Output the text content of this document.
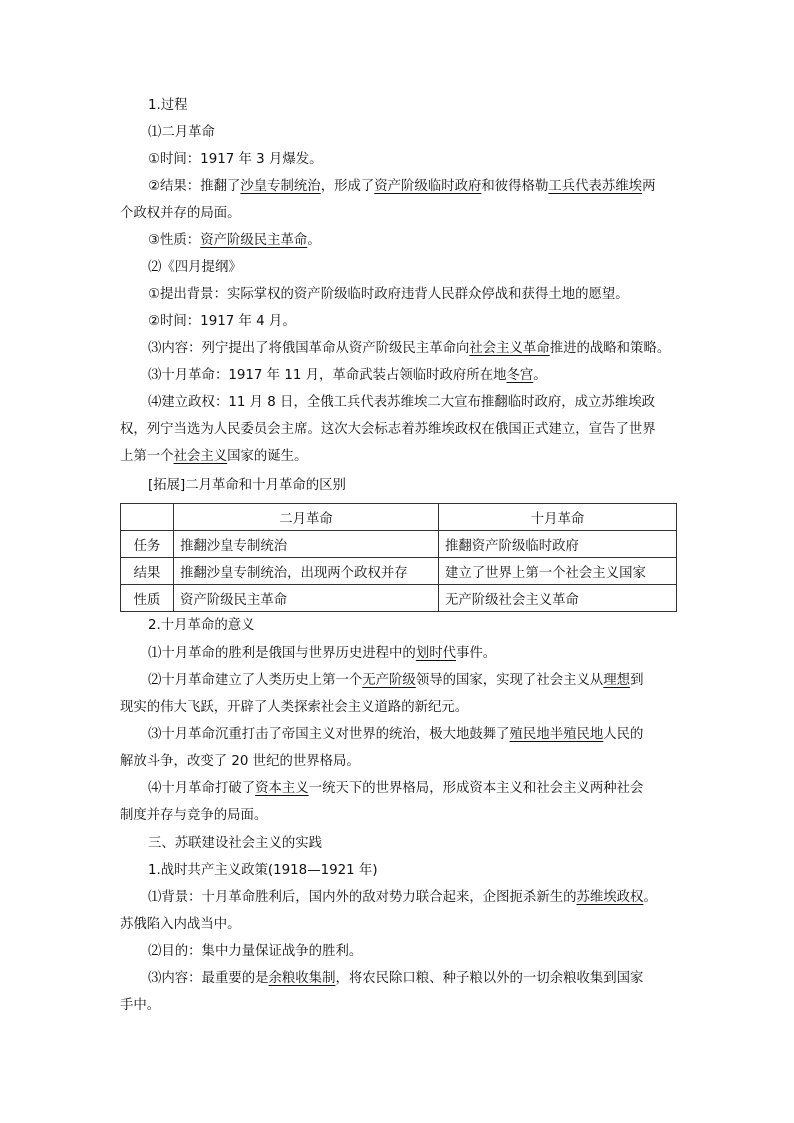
1.过程
⑴二月革命
①时间：1917 年 3 月爆发。
②结果：推翻了沙皇专制统治，形成了资产阶级临时政府和彼得格勒工兵代表苏维埃两
个政权并存的局面。
③性质：资产阶级民主革命。
⑵《四月提纲》
①提出背景：实际掌权的资产阶级临时政府违背人民群众停战和获得土地的愿望。
②时间：1917 年 4 月。
⑶内容：列宁提出了将俄国革命从资产阶级民主革命向社会主义革命推进的战略和策略。
⑶十月革命：1917 年 11 月，革命武装占领临时政府所在地冬宫。
⑷建立政权：11 月 8 日，全俄工兵代表苏维埃二大宣布推翻临时政府，成立苏维埃政
权，列宁当选为人民委员会主席。这次大会标志着苏维埃政权在俄国正式建立，宣告了世界
上第一个社会主义国家的诞生。
[拓展]二月革命和十月革命的区别
	二月革命	十月革命
任务	推翻沙皇专制统治	推翻资产阶级临时政府
结果	推翻沙皇专制统治，出现两个政权并存	建立了世界上第一个社会主义国家
性质	资产阶级民主革命	无产阶级社会主义革命
2.十月革命的意义
⑴十月革命的胜利是俄国与世界历史进程中的划时代事件。
⑵十月革命建立了人类历史上第一个无产阶级领导的国家，实现了社会主义从理想到
现实的伟大飞跃，开辟了人类探索社会主义道路的新纪元。
⑶十月革命沉重打击了帝国主义对世界的统治，极大地鼓舞了殖民地半殖民地人民的
解放斗争，改变了 20 世纪的世界格局。
⑷十月革命打破了资本主义一统天下的世界格局，形成资本主义和社会主义两种社会
制度并存与竞争的局面。
三、苏联建设社会主义的实践
1.战时共产主义政策(1918—1921 年)
⑴背景：十月革命胜利后，国内外的敌对势力联合起来，企图扼杀新生的苏维埃政权。
苏俄陷入内战当中。
⑵目的：集中力量保证战争的胜利。
⑶内容：最重要的是余粮收集制，将农民除口粮、种子粮以外的一切余粮收集到国家
手中。
